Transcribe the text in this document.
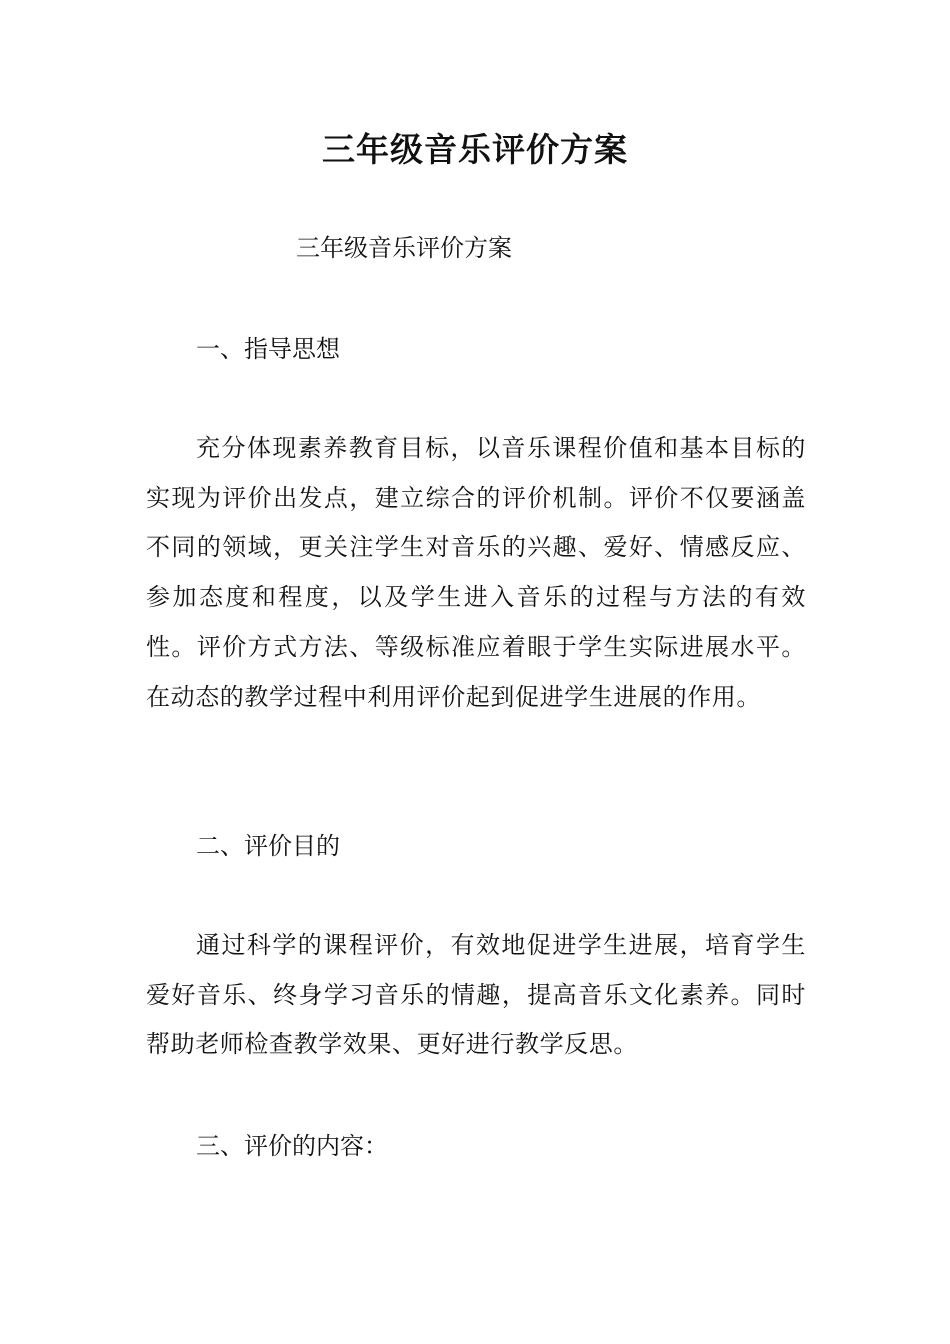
三年级音乐评价方案

三年级音乐评价方案

一、指导思想

充分体现素养教育目标，以音乐课程价值和基本目标的实现为评价出发点，建立综合的评价机制。评价不仅要涵盖不同的领域，更关注学生对音乐的兴趣、爱好、情感反应、参加态度和程度，以及学生进入音乐的过程与方法的有效性。评价方式方法、等级标准应着眼于学生实际进展水平。在动态的教学过程中利用评价起到促进学生进展的作用。

二、评价目的

通过科学的课程评价，有效地促进学生进展，培育学生爱好音乐、终身学习音乐的情趣，提高音乐文化素养。同时帮助老师检查教学效果、更好进行教学反思。

三、评价的内容：
